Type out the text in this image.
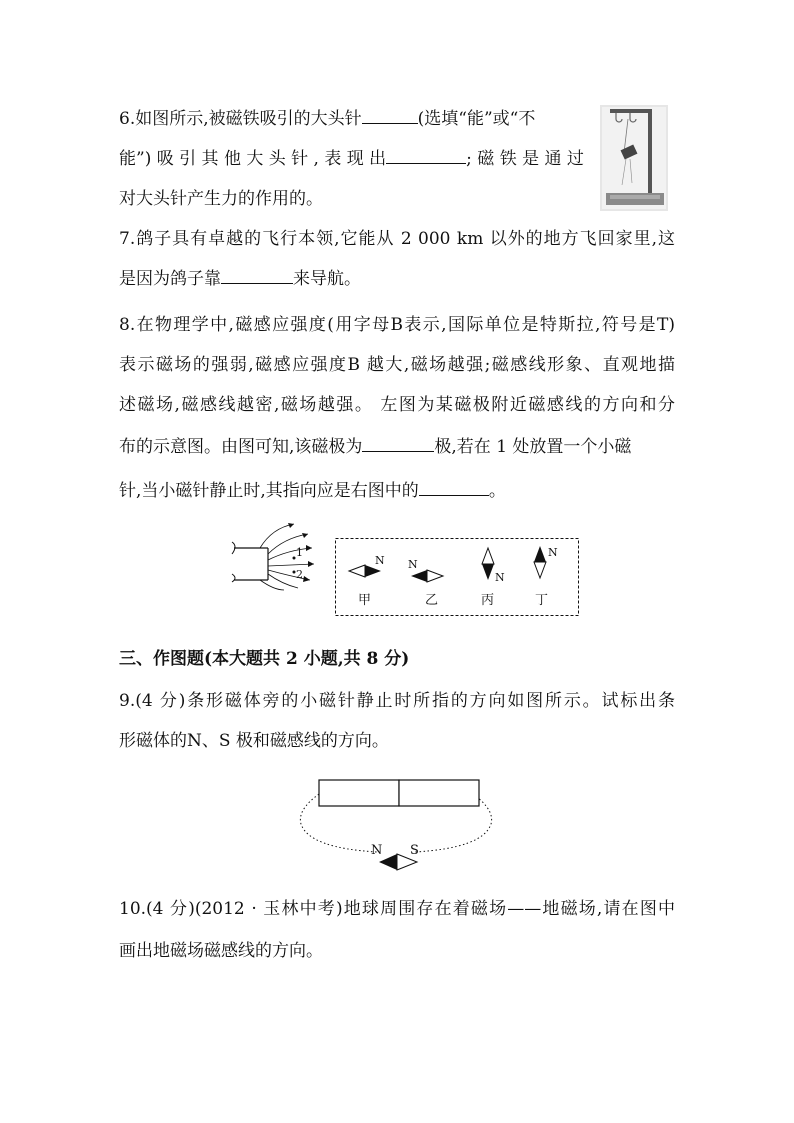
6.如图所示,被磁铁吸引的大头针	(选填“能”或“不
能”) 吸 引 其 他 大 头 针 , 表 现 出	; 磁 铁 是 通 过
对大头针产生力的作用的。
7.鸽子具有卓越的飞行本领,它能从 2 000 km 以外的地方飞回家里,这
是因为鸽子靠	来导航。
8.在物理学中,磁感应强度(用字母B表示,国际单位是特斯拉,符号是T)
表示磁场的强弱,磁感应强度B 越大,磁场越强;磁感线形象、直观地描
述磁场,磁感线越密,磁场越强。 左图为某磁极附近磁感线的方向和分
布的示意图。由图可知,该磁极为	极,若在 1 处放置一个小磁
针,当小磁针静止时,其指向应是右图中的	。
1
2
N
甲
N
乙
N
丙
N
丁
三、作图题(本大题共 2 小题,共 8 分)
9.(4 分)条形磁体旁的小磁针静止时所指的方向如图所示。试标出条
形磁体的N、S 极和磁感线的方向。
N S
10.(4 分)(2012 · 玉林中考)地球周围存在着磁场——地磁场,请在图中
画出地磁场磁感线的方向。
